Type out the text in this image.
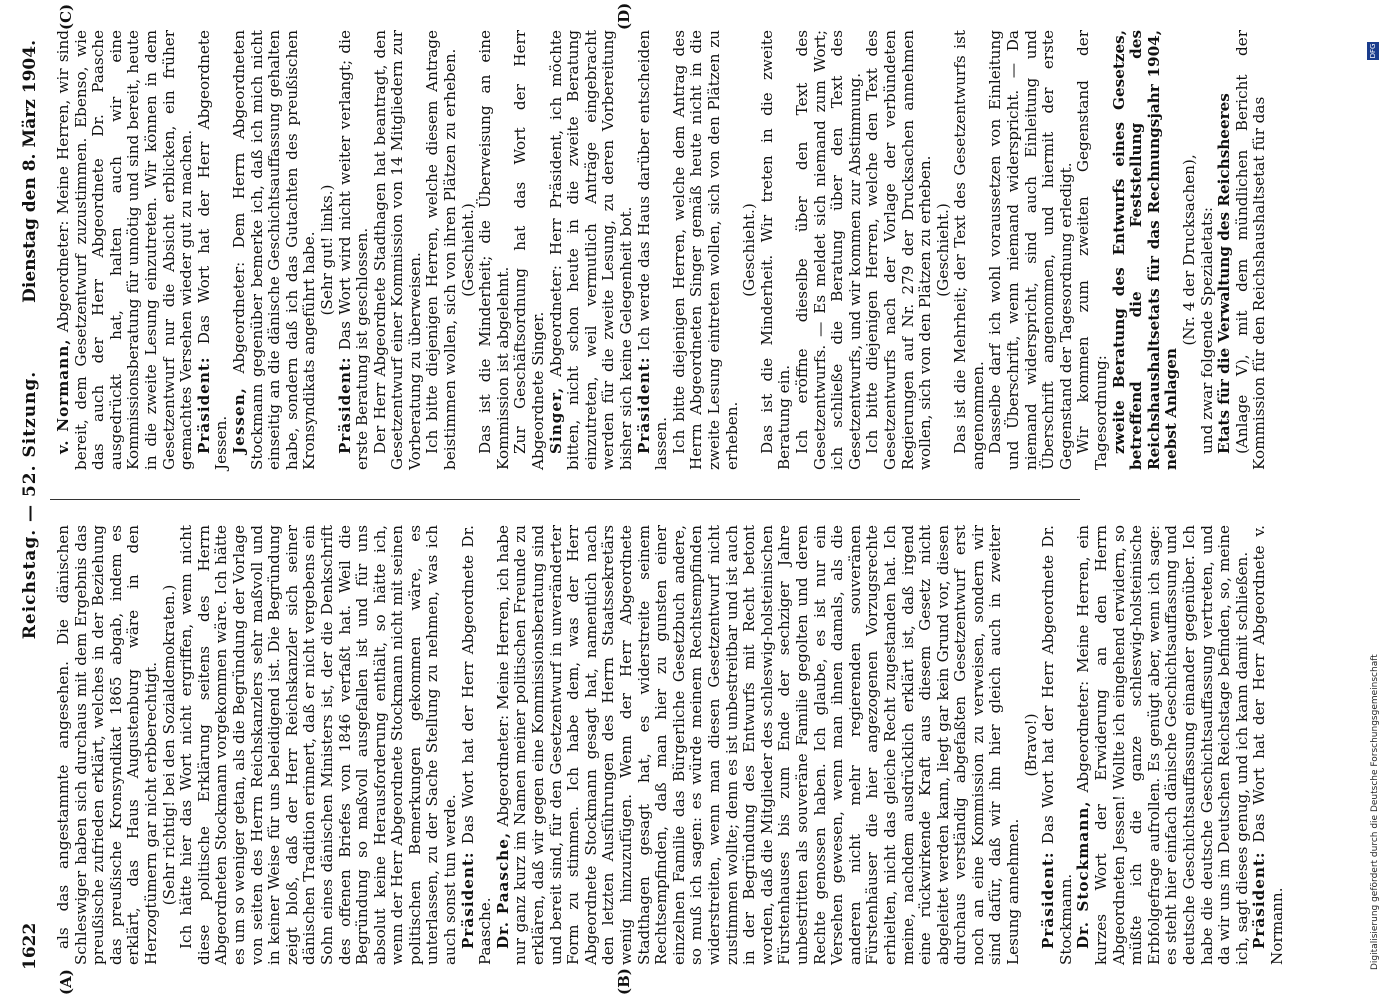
1622
Reichstag. — 52. Sitzung.
Dienstag den 8. März 1904.
(A)	(B)
(C)	(D)

als das angestammte angesehen. Die dänischen Schleswiger haben sich durchaus mit dem Ergebnis das preußische zufrieden erklärt, welches in der Beziehung das preußische Kronsyndikat 1865 abgab, indem es erklärt, das Haus Augustenburg wäre in den Herzogtümern gar nicht erbberechtigt. (Sehr richtig! bei den Sozialdemokraten.) Ich hätte hier das Wort nicht ergriffen, wenn nicht diese politische Erklärung seitens des Herrn Abgeordneten Stockmann vorgekommen wäre. Ich hätte es um so weniger getan, als die Begründung der Vorlage von seiten des Herrn Reichskanzlers sehr maßvoll und in keiner Weise für uns beleidigend ist. Die Begründung zeigt bloß, daß der Herr Reichskanzler sich seiner dänischen Tradition erinnert, daß er nicht vergebens ein Sohn eines dänischen Ministers ist, der die Denkschrift des offenen Briefes von 1846 verfaßt hat. Weil die Begründung so maßvoll ausgefallen ist und für uns absolut keine Herausforderung enthält, so hätte ich, wenn der Herr Abgeordnete Stockmann nicht mit seinen politischen Bemerkungen gekommen wäre, es unterlassen, zu der Sache Stellung zu nehmen, was ich auch sonst tun werde. Präsident: Das Wort hat der Herr Abgeordnete Dr. Paasche. Dr. Paasche, Abgeordneter: Meine Herren, ich habe nur ganz kurz im Namen meiner politischen Freunde zu erklären, daß wir gegen eine Kommissionsberatung sind und bereit sind, für den Gesetzentwurf in unveränderter Form zu stimmen. Ich habe dem, was der Herr Abgeordnete Stockmann gesagt hat, namentlich nach den letzten Ausführungen des Herrn Staatssekretärs wenig hinzuzufügen. Wenn der Herr Abgeordnete Stadthagen gesagt hat, es widerstreite seinem Rechtsempfinden, daß man hier zu gunsten einer einzelnen Familie das Bürgerliche Gesetzbuch andere, so muß ich sagen: es würde meinem Rechtsempfinden widerstreiten, wenn man diesen Gesetzentwurf nicht zustimmen wollte; denn es ist unbestreitbar und ist auch in der Begründung des Entwurfs mit Recht betont worden, daß die Mitglieder des schleswig-holsteinischen Fürstenhauses bis zum Ende der sechziger Jahre unbestritten als souveräne Familie gegolten und deren Rechte genossen haben. Ich glaube, es ist nur ein Versehen gewesen, wenn man ihnen damals, als die anderen nicht mehr regierenden souveränen Fürstenhäuser die hier angezogenen Vorzugsrechte erhielten, nicht das gleiche Recht zugestanden hat. Ich meine, nachdem ausdrücklich erklärt ist, daß irgend eine rückwirkende Kraft aus diesem Gesetz nicht abgeleitet werden kann, liegt gar kein Grund vor, diesen durchaus verständig abgefaßten Gesetzentwurf erst noch an eine Kommission zu verweisen, sondern wir sind dafür, daß wir ihn hier gleich auch in zweiter Lesung annehmen.

(Bravo!)

Präsident: Das Wort hat der Herr Abgeordnete Dr. Stockmann. Dr. Stockmann, Abgeordneter: Meine Herren, ein kurzes Wort der Erwiderung an den Herrn Abgeordneten Jessen! Wollte ich eingehend erwidern, so müßte ich die ganze schleswig-holsteinische Erbfolgefrage aufrollen. Es genügt aber, wenn ich sage: es steht hier einfach dänische Geschichtsauffassung und deutsche Geschichtsauffassung einander gegenüber. Ich habe die deutsche Geschichtsauffassung vertreten, und da wir uns im Deutschen Reichstage befinden, so, meine ich, sagt dieses genug, und ich kann damit schließen. Präsident: Das Wort hat der Herr Abgeordnete v. Normann.

v. Normann, Abgeordneter: Meine Herren, wir sind bereit, dem Gesetzentwurf zuzustimmen. Ebenso, wie das auch der Herr Abgeordnete Dr. Paasche ausgedrückt hat, halten auch wir eine Kommissionsberatung für unnötig und sind bereit, heute in die zweite Lesung einzutreten. Wir können in dem Gesetzentwurf nur die Absicht erblicken, ein früher gemachtes Versehen wieder gut zu machen. Präsident: Das Wort hat der Herr Abgeordnete Jessen. Jessen, Abgeordneter: Dem Herrn Abgeordneten Stockmann gegenüber bemerke ich, daß ich mich nicht einseitig an die dänische Geschichtsauffassung gehalten habe, sondern daß ich das Gutachten des preußischen Kronsyndikats angeführt habe. (Sehr gut! links.)

Präsident: Das Wort wird nicht weiter verlangt; die erste Beratung ist geschlossen. Der Herr Abgeordnete Stadthagen hat beantragt, den Gesetzentwurf einer Kommission von 14 Mitgliedern zur Vorberatung zu überweisen. Ich bitte diejenigen Herren, welche diesem Antrage beistimmen wollen, sich von ihren Plätzen zu erheben. (Geschieht.) Das ist die Minderheit; die Überweisung an eine Kommission ist abgelehnt. Zur Geschäftsordnung hat das Wort der Herr Abgeordnete Singer. Singer, Abgeordneter: Herr Präsident, ich möchte bitten, nicht schon heute in die zweite Beratung einzutreten, weil vermutlich Anträge eingebracht werden für die zweite Lesung, zu deren Vorbereitung bisher sich keine Gelegenheit bot. Präsident: Ich werde das Haus darüber entscheiden lassen. Ich bitte diejenigen Herren, welche dem Antrag des Herrn Abgeordneten Singer gemäß heute nicht in die zweite Lesung eintreten wollen, sich von den Plätzen zu erheben.

(Geschieht.) Das ist die Minderheit. Wir treten in die zweite Beratung ein. Ich eröffne dieselbe über den Text des Gesetzentwurfs. — Es meldet sich niemand zum Wort; ich schließe die Beratung über den Text des Gesetzentwurfs, und wir kommen zur Abstimmung. Ich bitte diejenigen Herren, welche den Text des Gesetzentwurfs nach der Vorlage der verbündeten Regierungen auf Nr. 279 der Drucksachen annehmen wollen, sich von den Plätzen zu erheben. (Geschieht.) Das ist die Mehrheit; der Text des Gesetzentwurfs ist angenommen. Dasselbe darf ich wohl voraussetzen von Einleitung und Überschrift, wenn niemand widerspricht. — Da niemand widerspricht, sind auch Einleitung und Überschrift angenommen, und hiermit der erste Gegenstand der Tagesordnung erledigt. Wir kommen zum zweiten Gegenstand der Tagesordnung: zweite Beratung des Entwurfs eines Gesetzes, betreffend die Feststellung des Reichshaushaltsetats für das Rechnungsjahr 1904, nebst Anlagen

(Nr. 4 der Drucksachen), und zwar folgende Spezialetats: Etats für die Verwaltung des Reichsheeres (Anlage V), mit dem mündlichen Bericht der Kommission für den Reichshaushaltsetat für das

Digitalisierung gefördert durch die Deutsche Forschungsgemeinschaft
DFG
